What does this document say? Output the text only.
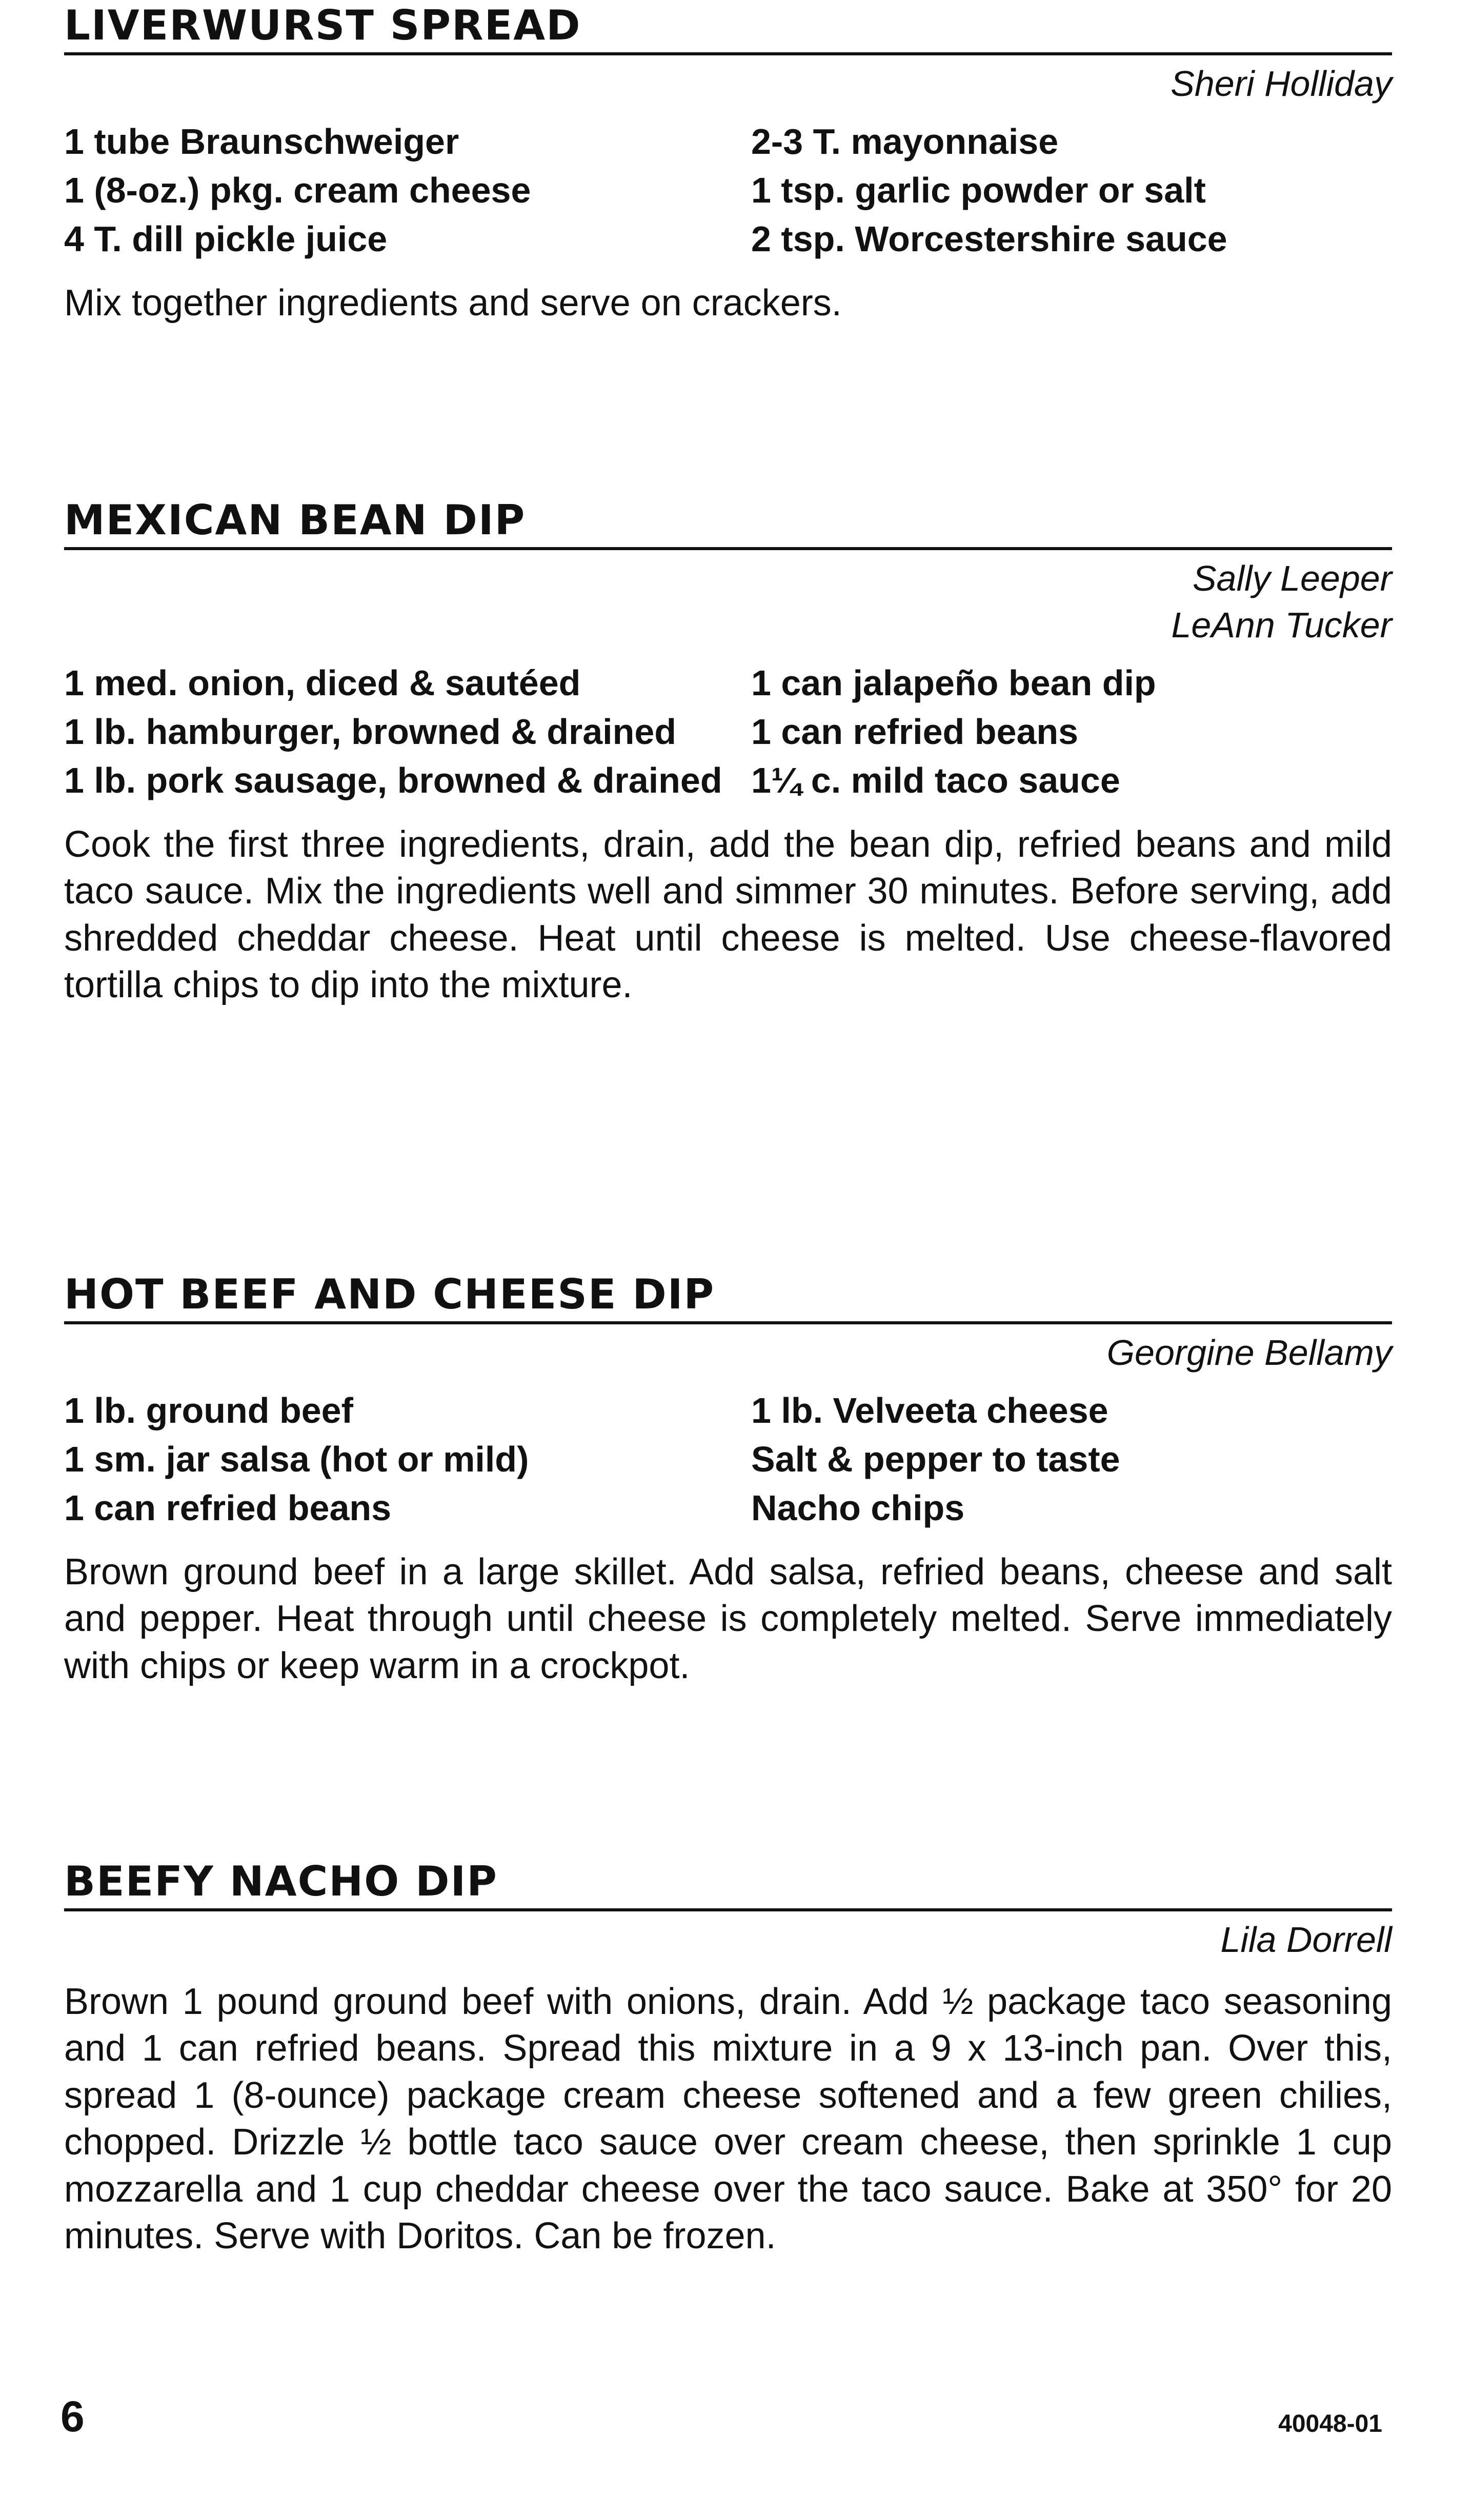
LIVERWURST SPREAD
Sheri Holliday
1 tube Braunschweiger
1 (8-oz.) pkg. cream cheese
4 T. dill pickle juice
2-3 T. mayonnaise
1 tsp. garlic powder or salt
2 tsp. Worcestershire sauce

Mix together ingredients and serve on crackers.

MEXICAN BEAN DIP
Sally Leeper
LeAnn Tucker
1 med. onion, diced & sautéed
1 lb. hamburger, browned & drained
1 lb. pork sausage, browned & drained
1 can jalapeño bean dip
1 can refried beans
1¼ c. mild taco sauce

Cook the first three ingredients, drain, add the bean dip, refried beans and mild taco sauce. Mix the ingredients well and simmer 30 minutes. Before serving, add shredded cheddar cheese. Heat until cheese is melted. Use cheese-flavored tortilla chips to dip into the mixture.

HOT BEEF AND CHEESE DIP
Georgine Bellamy
1 lb. ground beef
1 sm. jar salsa (hot or mild)
1 can refried beans
1 lb. Velveeta cheese
Salt & pepper to taste
Nacho chips

Brown ground beef in a large skillet. Add salsa, refried beans, cheese and salt and pepper. Heat through until cheese is completely melted. Serve immediately with chips or keep warm in a crockpot.

BEEFY NACHO DIP
Lila Dorrell

Brown 1 pound ground beef with onions, drain. Add ½ package taco seasoning and 1 can refried beans. Spread this mixture in a 9 x 13-inch pan. Over this, spread 1 (8-ounce) package cream cheese softened and a few green chilies, chopped. Drizzle ½ bottle taco sauce over cream cheese, then sprinkle 1 cup mozzarella and 1 cup cheddar cheese over the taco sauce. Bake at 350° for 20 minutes. Serve with Doritos. Can be frozen.

6	40048-01
